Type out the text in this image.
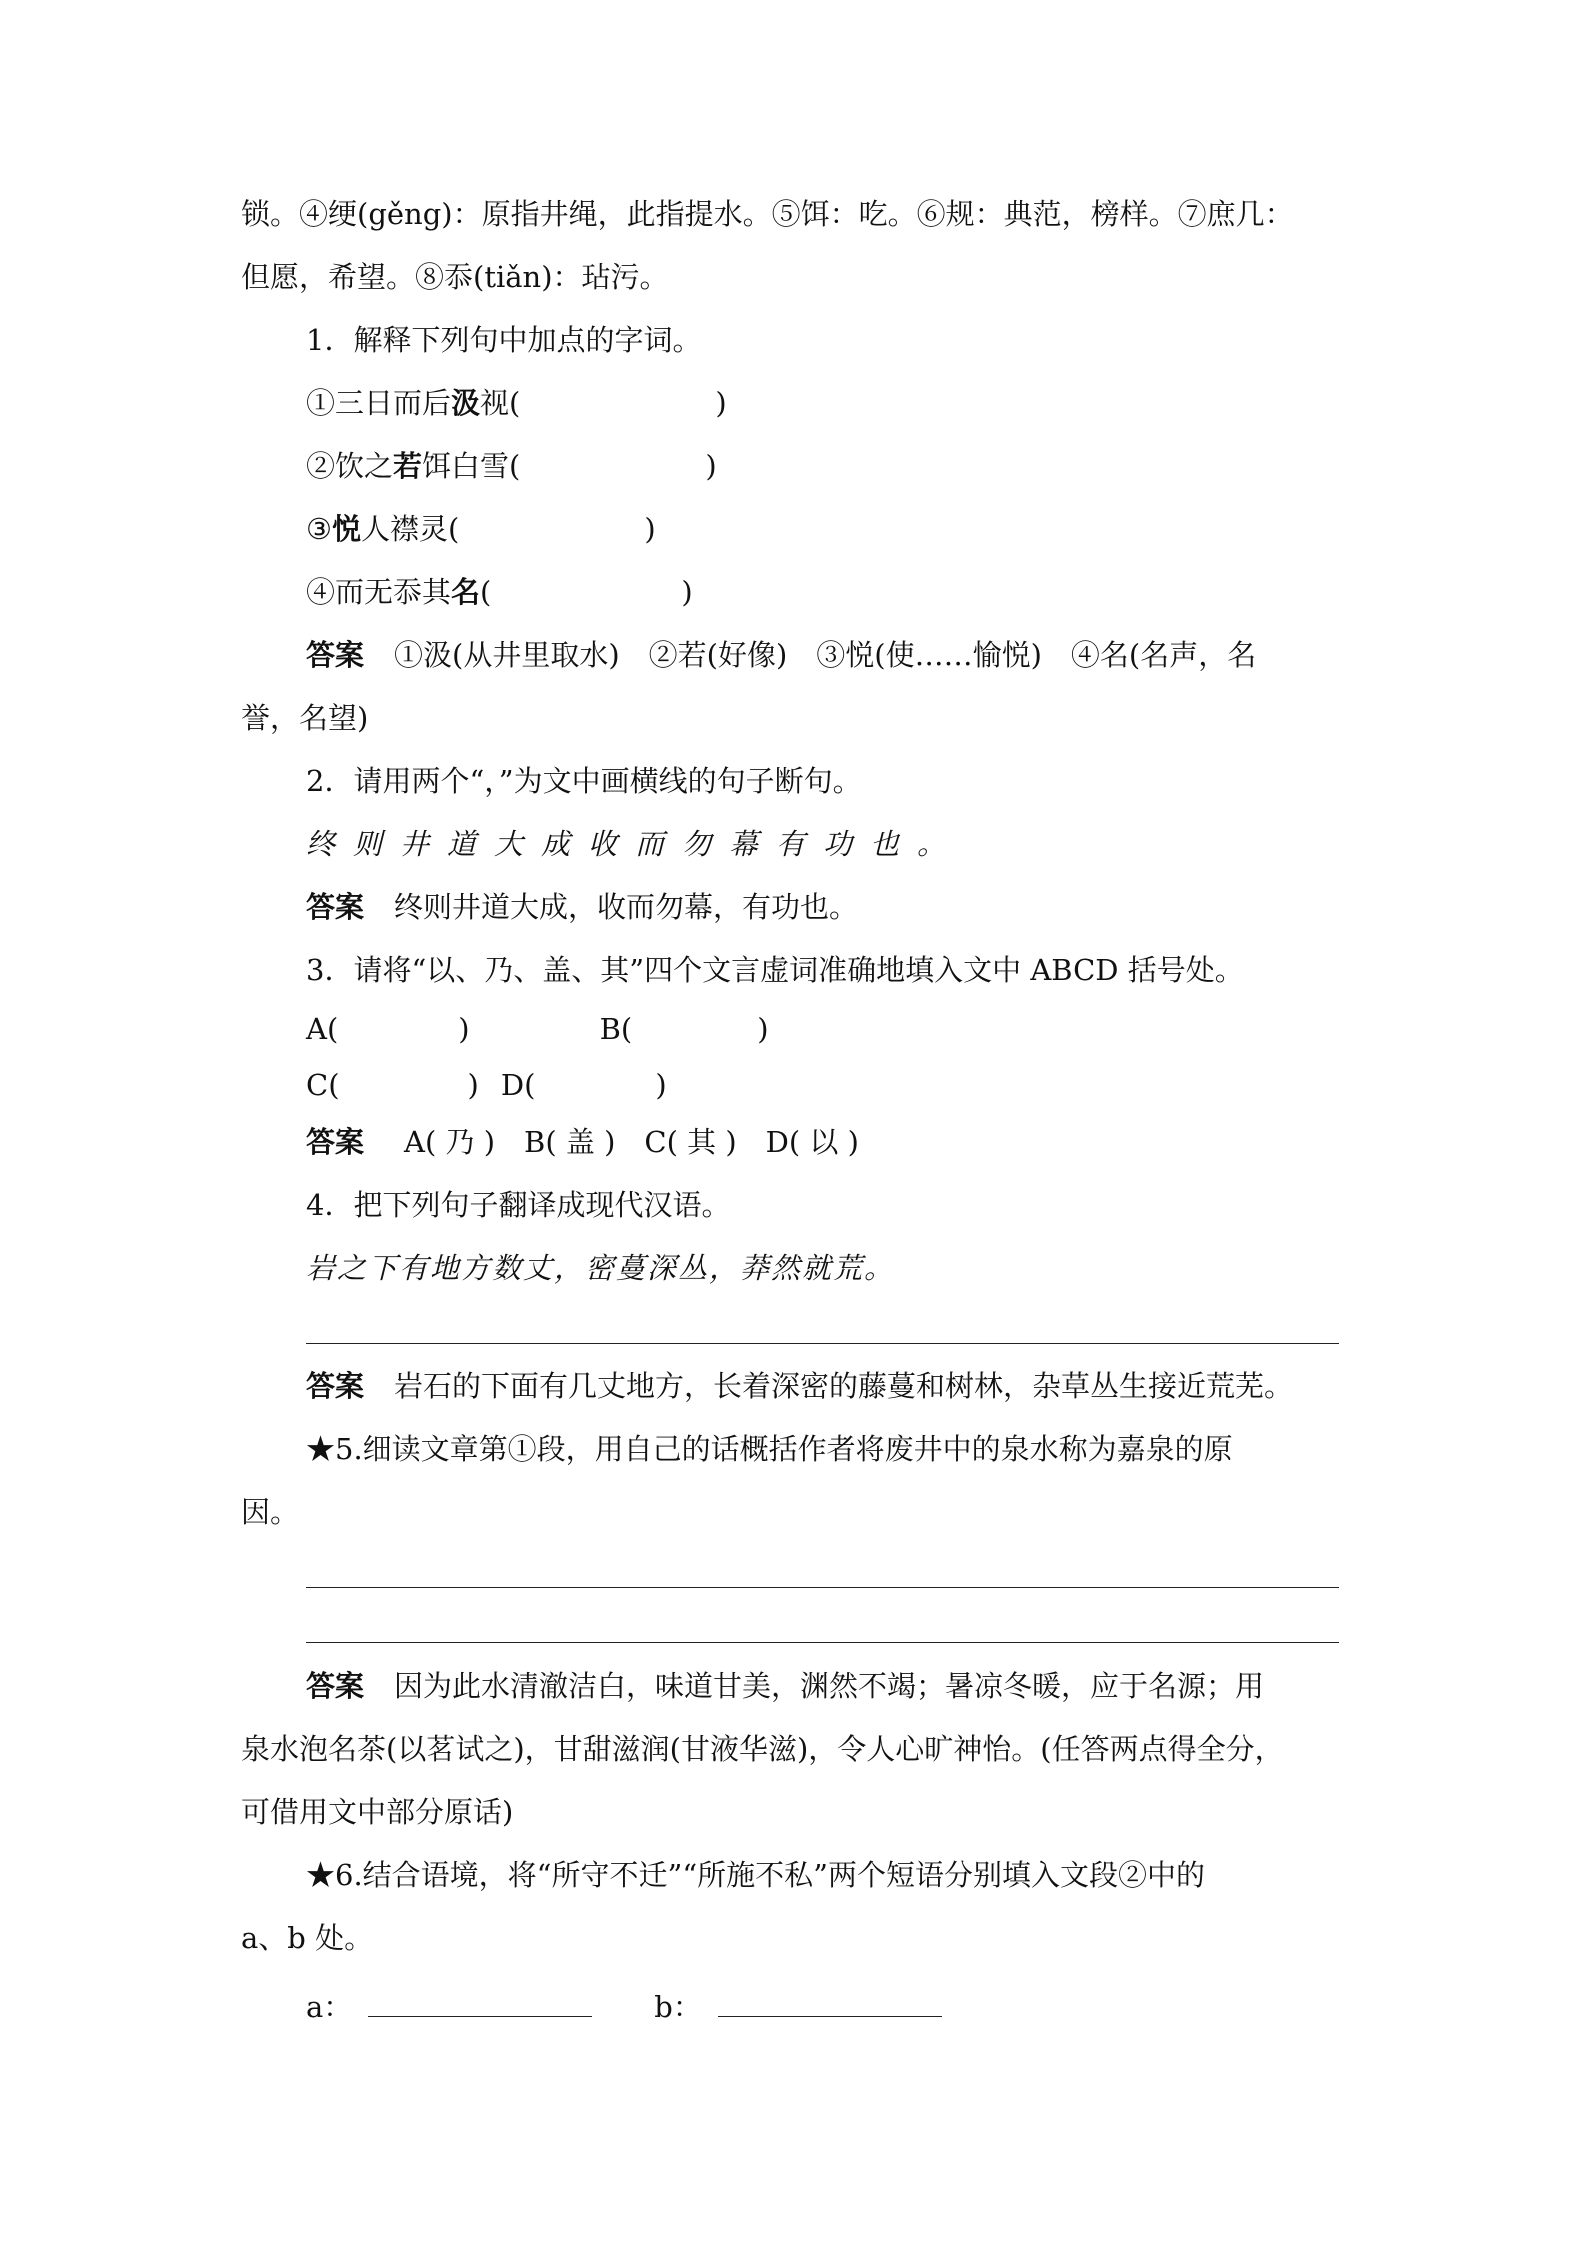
锁。④绠(gěng)：原指井绳，此指提水。⑤饵：吃。⑥规：典范，榜样。⑦庶几：
但愿，希望。⑧忝(tiǎn)：玷污。
1．解释下列句中加点的字词。
①三日而后汲视(	)
②饮之若饵白雪(	)
③悦人襟灵(	)
④而无忝其名(	)
答案 ①汲(从井里取水)　②若(好像)　③悦(使……愉悦)　④名(名声，名
誉，名望)
2．请用两个“，”为文中画横线的句子断句。
终则井道大成收而勿幕有功也。
答案 终则井道大成，收而勿幕，有功也。
3．请将“以、乃、盖、其”四个文言虚词准确地填入文中 ABCD 括号处。
A(	)	B(	)
C(	) D(	)
答案 A( 乃 )　B( 盖 )　C( 其 )　D( 以 )
4．把下列句子翻译成现代汉语。
岩之下有地方数丈，密蔓深丛，莽然就荒。
答案 岩石的下面有几丈地方，长着深密的藤蔓和树林，杂草丛生接近荒芜。
★5.细读文章第①段，用自己的话概括作者将废井中的泉水称为嘉泉的原
因。
答案 因为此水清澈洁白，味道甘美，渊然不竭；暑凉冬暖，应于名源；用
泉水泡名茶(以茗试之)，甘甜滋润(甘液华滋)，令人心旷神怡。(任答两点得全分，
可借用文中部分原话)
★6.结合语境，将“所守不迁”“所施不私”两个短语分别填入文段②中的
a、b 处。
a：	b：
